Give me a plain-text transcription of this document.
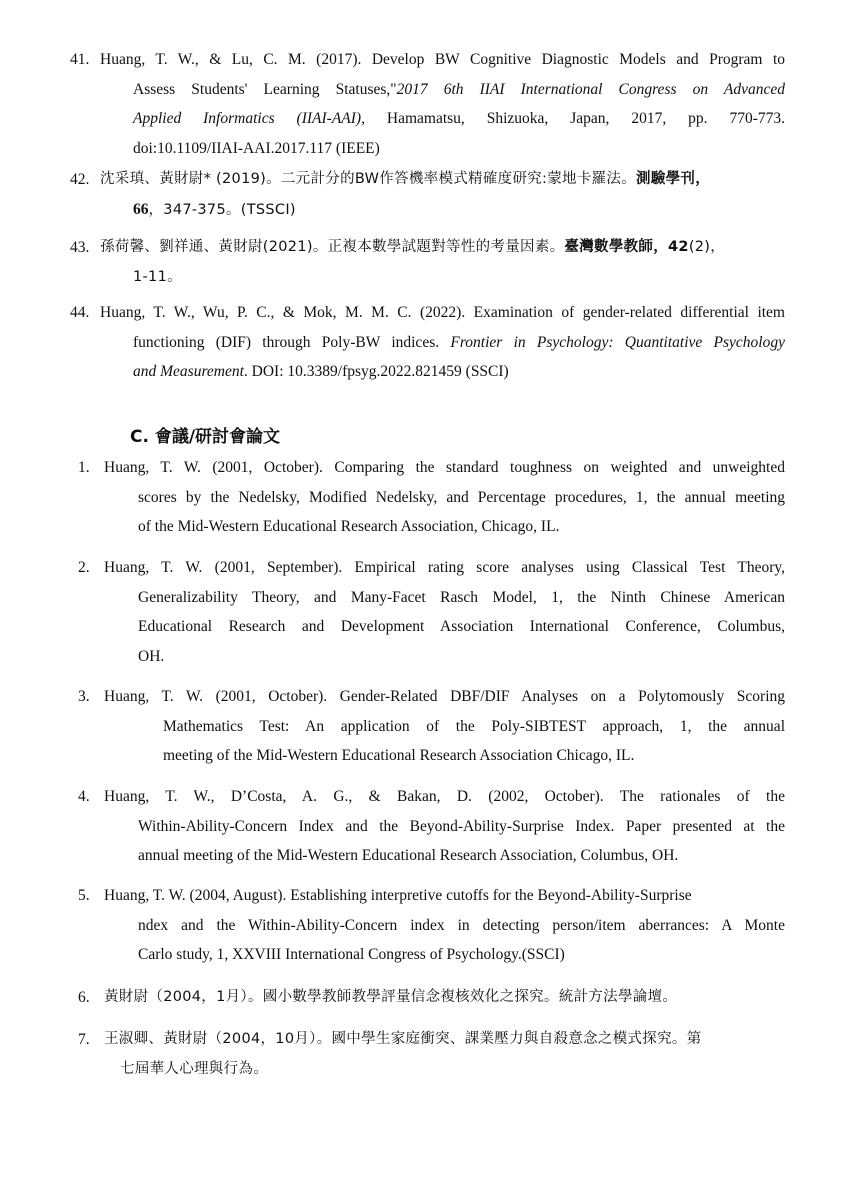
41. Huang, T. W., & Lu, C. M. (2017). Develop BW Cognitive Diagnostic Models and Program to
Assess Students' Learning Statuses,"2017 6th IIAI International Congress on Advanced
Applied Informatics (IIAI-AAI), Hamamatsu, Shizuoka, Japan, 2017, pp. 770-773.
doi:10.1109/IIAI-AAI.2017.117 (IEEE)
42. 沈采瑱、黃財尉* (2019)。二元計分的BW作答機率模式精確度研究:蒙地卡羅法。測驗學刊，
66，347-375。(TSSCI)
43. 孫荷馨、劉祥通、黃財尉(2021)。正複本數學試題對等性的考量因素。臺灣數學教師，42(2)，
1-11。
44. Huang, T. W., Wu, P. C., & Mok, M. M. C. (2022). Examination of gender-related differential item
functioning (DIF) through Poly-BW indices. Frontier in Psychology: Quantitative Psychology
and Measurement. DOI: 10.3389/fpsyg.2022.821459 (SSCI)
C. 會議/研討會論文
1. Huang, T. W. (2001, October). Comparing the standard toughness on weighted and unweighted
scores by the Nedelsky, Modified Nedelsky, and Percentage procedures, 1, the annual meeting
of the Mid-Western Educational Research Association, Chicago, IL.
2. Huang, T. W. (2001, September). Empirical rating score analyses using Classical Test Theory,
Generalizability Theory, and Many-Facet Rasch Model, 1, the Ninth Chinese American
Educational Research and Development Association International Conference, Columbus,
OH.
3. Huang, T. W. (2001, October). Gender-Related DBF/DIF Analyses on a Polytomously Scoring
Mathematics Test: An application of the Poly-SIBTEST approach, 1, the annual
meeting of the Mid-Western Educational Research Association Chicago, IL.
4. Huang, T. W., D’Costa, A. G., & Bakan, D. (2002, October). The rationales of the
Within-Ability-Concern Index and the Beyond-Ability-Surprise Index. Paper presented at the
annual meeting of the Mid-Western Educational Research Association, Columbus, OH.
5. Huang, T. W. (2004, August). Establishing interpretive cutoffs for the Beyond-Ability-Surprise
ndex and the Within-Ability-Concern index in detecting person/item aberrances: A Monte
Carlo study, 1, XXVIII International Congress of Psychology.(SSCI)
6. 黃財尉（2004，1月）。國小數學教師教學評量信念複核效化之探究。統計方法學論壇。
7. 王淑卿、黃財尉（2004，10月）。國中學生家庭衝突、課業壓力與自殺意念之模式探究。第
七屆華人心理與行為。
